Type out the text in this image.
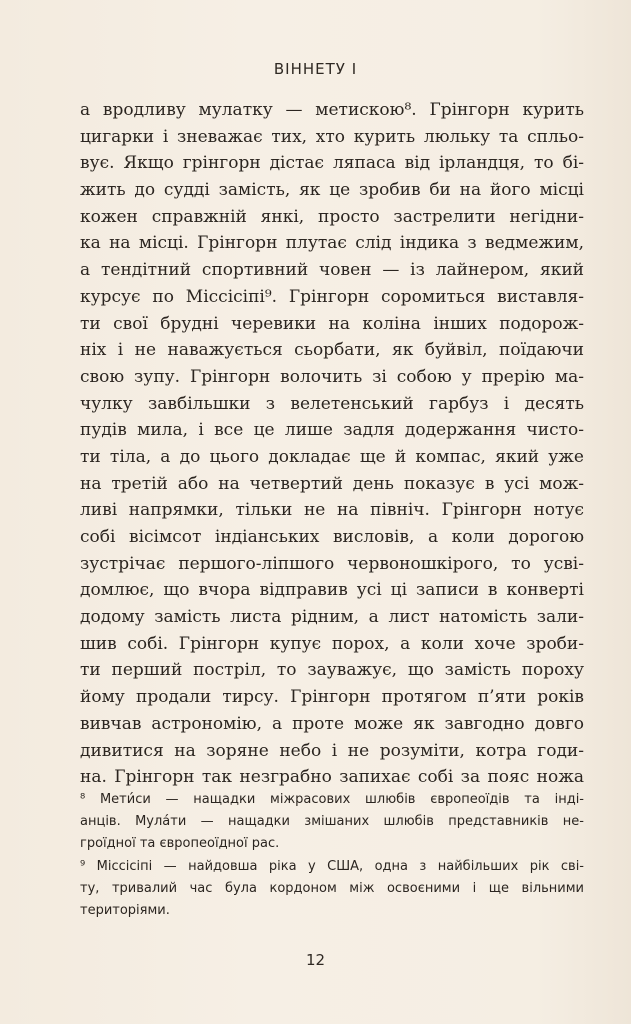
ВІННЕТУ І
а вродливу мулатку — метискою⁸. Грінгорн курить
цигарки і зневажає тих, хто курить люльку та спльо-
вує. Якщо грінгорн дістає ляпаса від ірландця, то бі-
жить до судді замість, як це зробив би на його місці
кожен справжній янкі, просто застрелити негідни-
ка на місці. Грінгорн плутає слід індика з ведмежим,
а тендітний спортивний човен — із лайнером, який
курсує по Міссісіпі⁹. Грінгорн соромиться виставля-
ти свої брудні черевики на коліна інших подорож-
ніх і не наважується сьорбати, як буйвіл, поїдаючи
свою зупу. Грінгорн волочить зі собою у прерію ма-
чулку завбільшки з велетенський гарбуз і десять
пудів мила, і все це лише задля додержання чисто-
ти тіла, а до цього докладає ще й компас, який уже
на третій або на четвертий день показує в усі мож-
ливі напрямки, тільки не на північ. Грінгорн нотує
собі вісімсот індіанських висловів, а коли дорогою
зустрічає першого-ліпшого червоношкірого, то усві-
домлює, що вчора відправив усі ці записи в конверті
додому замість листа рідним, а лист натомість зали-
шив собі. Грінгорн купує порох, а коли хоче зроби-
ти перший постріл, то зауважує, що замість пороху
йому продали тирсу. Грінгорн протягом п’яти років
вивчав астрономію, а проте може як завгодно довго
дивитися на зоряне небо і не розуміти, котра годи-
на. Грінгорн так незграбно запихає собі за пояс ножа
⁸ Мети́си — нащадки міжрасових шлюбів європеоїдів та інді-
анців. Мула́ти — нащадки змішаних шлюбів представників не-
гроїдної та європеоїдної рас.
⁹ Міссісіпі — найдовша ріка у США, одна з найбільших рік сві-
ту, тривалий час була кордоном між освоєними і ще вільними
територіями.
12
